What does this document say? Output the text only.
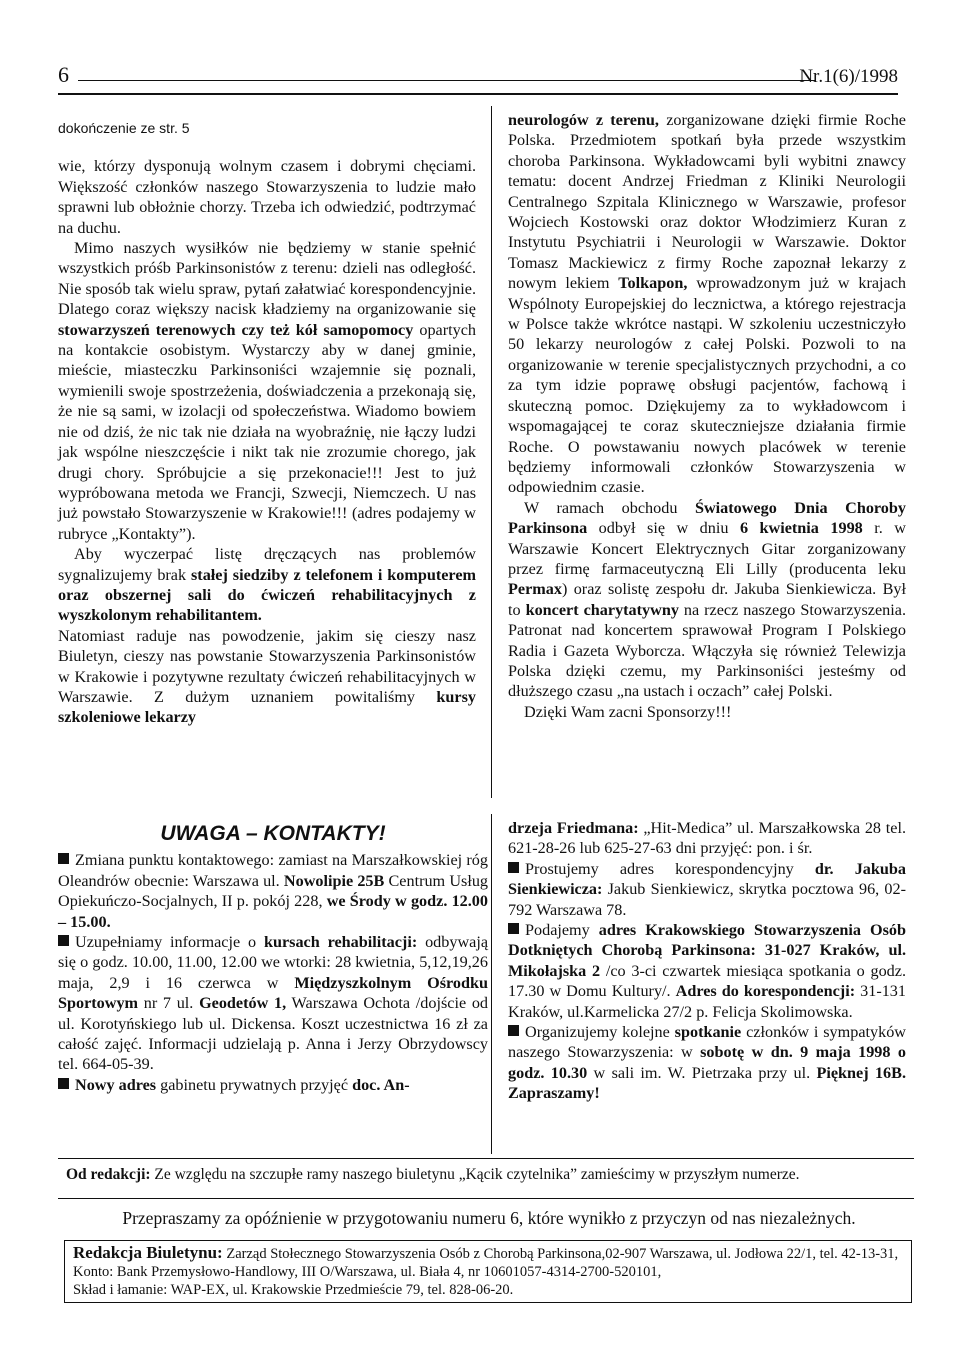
6	Nr.1(6)/1998

dokończenie ze str. 5

wie, którzy dysponują wolnym czasem i dobrymi chęciami. Większość członków naszego Stowarzyszenia to ludzie mało sprawni lub obłożnie chorzy. Trzeba ich odwiedzić, podtrzymać na duchu.

Mimo naszych wysiłków nie będziemy w stanie spełnić wszystkich próśb Parkinsonistów z terenu: dzieli nas odległość. Nie sposób tak wielu spraw, pytań załatwiać korespondencyjnie. Dlatego coraz większy nacisk kładziemy na organizowanie się stowarzyszeń terenowych czy też kół samopomocy opartych na kontakcie osobistym. Wystarczy aby w danej gminie, mieście, miasteczku Parkinsoniści wzajemnie się poznali, wymienili swoje spostrzeżenia, doświadczenia a przekonają się, że nie są sami, w izolacji od społeczeństwa. Wiadomo bowiem nie od dziś, że nic tak nie działa na wyobraźnię, nie łączy ludzi jak wspólne nieszczęście i nikt tak nie zrozumie chorego, jak drugi chory. Spróbujcie a się przekonacie!!! Jest to już wypróbowana metoda we Francji, Szwecji, Niemczech. U nas już powstało Stowarzyszenie w Krakowie!!! (adres podajemy w rubryce „Kontakty”).

Aby wyczerpać listę dręczących nas problemów sygnalizujemy brak stałej siedziby z telefonem i komputerem oraz obszernej sali do ćwiczeń rehabilitacyjnych z wyszkolonym rehabilitantem.

Natomiast raduje nas powodzenie, jakim się cieszy nasz Biuletyn, cieszy nas powstanie Stowarzyszenia Parkinsonistów w Krakowie i pozytywne rezultaty ćwiczeń rehabilitacyjnych w Warszawie. Z dużym uznaniem powitaliśmy kursy szkoleniowe lekarzy

neurologów z terenu, zorganizowane dzięki firmie Roche Polska. Przedmiotem spotkań była przede wszystkim choroba Parkinsona. Wykładowcami byli wybitni znawcy tematu: docent Andrzej Friedman z Kliniki Neurologii Centralnego Szpitala Klinicznego w Warszawie, profesor Wojciech Kostowski oraz doktor Włodzimierz Kuran z Instytutu Psychiatrii i Neurologii w Warszawie. Doktor Tomasz Mackiewicz z firmy Roche zapoznał lekarzy z nowym lekiem Tolkapon, wprowadzonym już w krajach Wspólnoty Europejskiej do lecznictwa, a którego rejestracja w Polsce także wkrótce nastąpi. W szkoleniu uczestniczyło 50 lekarzy neurologów z całej Polski. Pozwoli to na organizowanie w terenie specjalistycznych przychodni, a co za tym idzie poprawę obsługi pacjentów, fachową i skuteczną pomoc. Dziękujemy za to wykładowcom i wspomagającej te coraz skuteczniejsze działania firmie Roche. O powstawaniu nowych placówek w terenie będziemy informowali członków Stowarzyszenia w odpowiednim czasie.

W ramach obchodu Światowego Dnia Choroby Parkinsona odbył się w dniu 6 kwietnia 1998 r. w Warszawie Koncert Elektrycznych Gitar zorganizowany przez firmę farmaceutyczną Eli Lilly (producenta leku Permax) oraz solistę zespołu dr. Jakuba Sienkiewicza. Był to koncert charytatywny na rzecz naszego Stowarzyszenia. Patronat nad koncertem sprawował Program I Polskiego Radia i Gazeta Wyborcza. Włączyła się również Telewizja Polska dzięki czemu, my Parkinsoniści jesteśmy od dłuższego czasu „na ustach i oczach” całej Polski.

Dzięki Wam zacni Sponsorzy!!!

UWAGA – KONTAKTY!

Zmiana punktu kontaktowego: zamiast na Marszałkowskiej róg Oleandrów obecnie: Warszawa ul. Nowolipie 25B Centrum Usług Opiekuńczo-Socjalnych, II p. pokój 228, we Środy w godz. 12.00 – 15.00.

Uzupełniamy informacje o kursach rehabilitacji: odbywają się o godz. 10.00, 11.00, 12.00 we wtorki: 28 kwietnia, 5,12,19,26 maja, 2,9 i 16 czerwca w Międzyszkolnym Ośrodku Sportowym nr 7 ul. Geodetów 1, Warszawa Ochota /dojście od ul. Korotyńskiego lub ul. Dickensa. Koszt uczestnictwa 16 zł za całość zajęć. Informacji udzielają p. Anna i Jerzy Obrzydowscy tel. 664-05-39.

Nowy adres gabinetu prywatnych przyjęć doc. An-

drzeja Friedmana: „Hit-Medica” ul. Marszałkowska 28 tel. 621-28-26 lub 625-27-63 dni przyjęć: pon. i śr.

Prostujemy adres korespondencyjny dr. Jakuba Sienkiewicza: Jakub Sienkiewicz, skrytka pocztowa 96, 02-792 Warszawa 78.

Podajemy adres Krakowskiego Stowarzyszenia Osób Dotkniętych Chorobą Parkinsona: 31-027 Kraków, ul. Mikołajska 2 /co 3-ci czwartek miesiąca spotkania o godz. 17.30 w Domu Kultury/. Adres do korespondencji: 31-131 Kraków, ul.Karmelicka 27/2 p. Felicja Skolimowska.

Organizujemy kolejne spotkanie członków i sympatyków naszego Stowarzyszenia: w sobotę w dn. 9 maja 1998 o godz. 10.30 w sali im. W. Pietrzaka przy ul. Pięknej 16B. Zapraszamy!

Od redakcji: Ze względu na szczupłe ramy naszego biuletynu „Kącik czytelnika” zamieścimy w przyszłym numerze.
Przepraszamy za opóźnienie w przygotowaniu numeru 6, które wynikło z przyczyn od nas niezależnych.
Redakcja Biuletynu: Zarząd Stołecznego Stowarzyszenia Osób z Chorobą Parkinsona,02-907 Warszawa, ul. Jodłowa 22/1, tel. 42-13-31, Konto: Bank Przemysłowo-Handlowy, III O/Warszawa, ul. Biała 4, nr 10601057-4314-2700-520101,
Skład i łamanie: WAP-EX, ul. Krakowskie Przedmieście 79, tel. 828-06-20.
